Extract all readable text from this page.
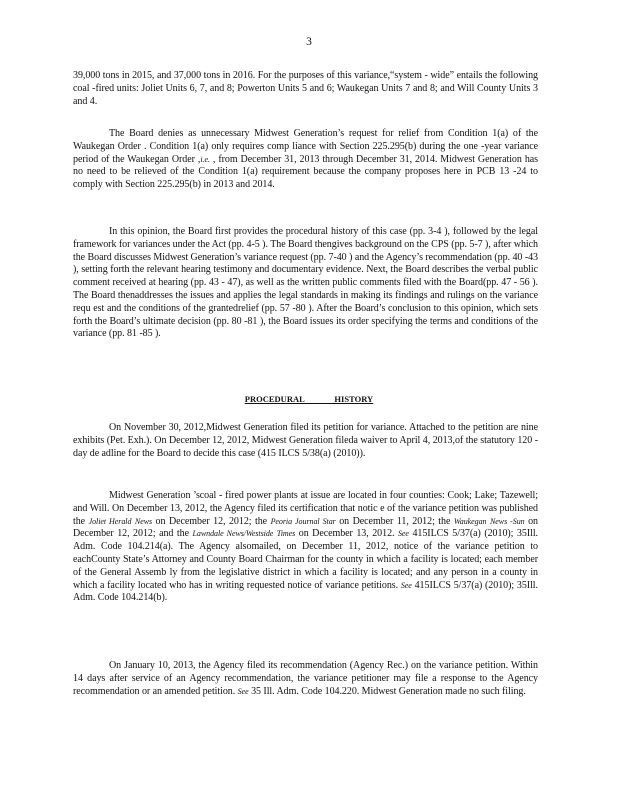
3

39,000 tons in 2015, and 37,000 tons in 2016. For the purposes of this variance,“system - wide” entails the following coal -fired units: Joliet Units 6, 7, and 8; Powerton Units 5 and 6; Waukegan Units 7 and 8; and Will County Units 3 and 4.

The Board denies as unnecessary Midwest Generation’s request for relief from Condition 1(a) of the Waukegan Order . Condition 1(a) only requires comp liance with Section 225.295(b) during the one -year variance period of the Waukegan Order ,i.e. , from December 31, 2013 through December 31, 2014. Midwest Generation has no need to be relieved of the Condition 1(a) requirement because the company proposes here in PCB 13 -24 to comply with Section 225.295(b) in 2013 and 2014.

In this opinion, the Board first provides the procedural history of this case (pp. 3-4 ), followed by the legal framework for variances under the Act (pp. 4-5 ). The Board thengives background on the CPS (pp. 5-7 ), after which the Board discusses Midwest Generation’s variance request (pp. 7-40 ) and the Agency’s recommendation (pp. 40 -43 ), setting forth the relevant hearing testimony and documentary evidence. Next, the Board describes the verbal public comment received at hearing (pp. 43 - 47), as well as the written public comments filed with the Board(pp. 47 - 56 ). The Board thenaddresses the issues and applies the legal standards in making its findings and rulings on the variance requ est and the conditions of the grantedrelief (pp. 57 -80 ). After the Board’s conclusion to this opinion, which sets forth the Board’s ultimate decision (pp. 80 -81 ), the Board issues its order specifying the terms and conditions of the variance (pp. 81 -85 ).

PROCEDURAL HISTORY

On November 30, 2012,Midwest Generation filed its petition for variance. Attached to the petition are nine exhibits (Pet. Exh.). On December 12, 2012, Midwest Generation fileda waiver to April 4, 2013,of the statutory 120 - day de adline for the Board to decide this case (415 ILCS 5/38(a) (2010)).

Midwest Generation ’scoal - fired power plants at issue are located in four counties: Cook; Lake; Tazewell; and Will. On December 13, 2012, the Agency filed its certification that notic e of the variance petition was published the Joliet Herald News on December 12, 2012; the Peoria Journal Star on December 11, 2012; the Waukegan News -Sun on December 12, 2012; and the Lawndale News/Westside Times on December 13, 2012. See 415ILCS 5/37(a) (2010); 35Ill. Adm. Code 104.214(a). The Agency alsomailed, on December 11, 2012, notice of the variance petition to eachCounty State’s Attorney and County Board Chairman for the county in which a facility is located; each member of the General Assemb ly from the legislative district in which a facility is located; and any person in a county in which a facility located who has in writing requested notice of variance petitions. See 415ILCS 5/37(a) (2010); 35Ill. Adm. Code 104.214(b).

On January 10, 2013, the Agency filed its recommendation (Agency Rec.) on the variance petition. Within 14 days after service of an Agency recommendation, the variance petitioner may file a response to the Agency recommendation or an amended petition. See 35 Ill. Adm. Code 104.220. Midwest Generation made no such filing.
